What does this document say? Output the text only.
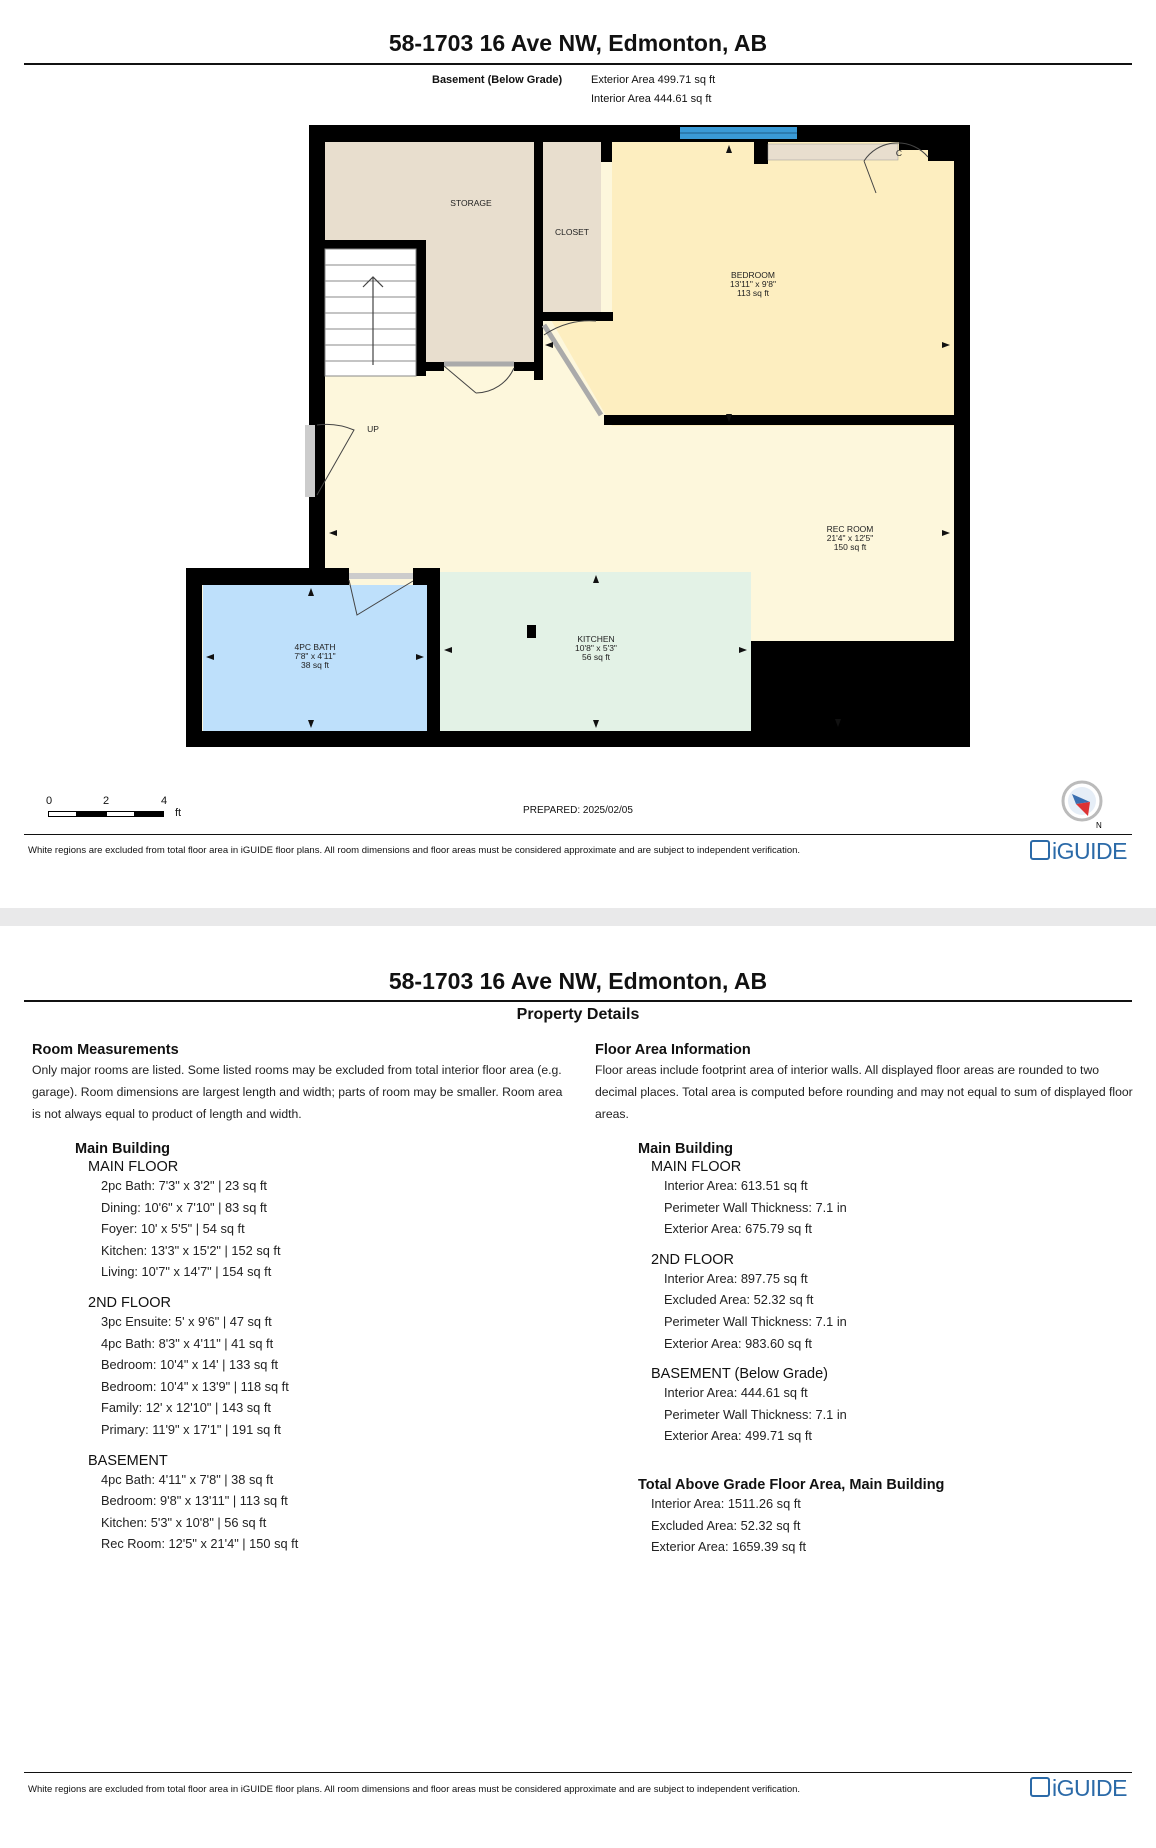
58-1703 16 Ave NW, Edmonton, AB
Basement (Below Grade)	Exterior Area 499.71 sq ft
Interior Area 444.61 sq ft
STORAGE
CLOSET
C
BEDROOM
13'11" x 9'8"
113 sq ft
UP
REC ROOM
21'4" x 12'5"
150 sq ft
4PC BATH
7'8" x 4'11"
38 sq ft
KITCHEN
10'8" x 5'3"
56 sq ft
0	2	4
ft	PREPARED: 2025/02/05
N
White regions are excluded from total floor area in iGUIDE floor plans. All room dimensions and floor areas must be considered approximate and are subject to independent verification.	iGUIDE
58-1703 16 Ave NW, Edmonton, AB
Property Details
Room Measurements
Only major rooms are listed. Some listed rooms may be excluded from total interior floor area (e.g. garage). Room dimensions are largest length and width; parts of room may be smaller. Room area is not always equal to product of length and width.
Main Building
MAIN FLOOR
2pc Bath: 7'3" x 3'2" | 23 sq ft
Dining: 10'6" x 7'10" | 83 sq ft
Foyer: 10' x 5'5" | 54 sq ft
Kitchen: 13'3" x 15'2" | 152 sq ft
Living: 10'7" x 14'7" | 154 sq ft
2ND FLOOR
3pc Ensuite: 5' x 9'6" | 47 sq ft
4pc Bath: 8'3" x 4'11" | 41 sq ft
Bedroom: 10'4" x 14' | 133 sq ft
Bedroom: 10'4" x 13'9" | 118 sq ft
Family: 12' x 12'10" | 143 sq ft
Primary: 11'9" x 17'1" | 191 sq ft
BASEMENT
4pc Bath: 4'11" x 7'8" | 38 sq ft
Bedroom: 9'8" x 13'11" | 113 sq ft
Kitchen: 5'3" x 10'8" | 56 sq ft
Rec Room: 12'5" x 21'4" | 150 sq ft
Floor Area Information
Floor areas include footprint area of interior walls. All displayed floor areas are rounded to two decimal places. Total area is computed before rounding and may not equal to sum of displayed floor areas.
Main Building
MAIN FLOOR
Interior Area: 613.51 sq ft
Perimeter Wall Thickness: 7.1 in
Exterior Area: 675.79 sq ft
2ND FLOOR
Interior Area: 897.75 sq ft
Excluded Area: 52.32 sq ft
Perimeter Wall Thickness: 7.1 in
Exterior Area: 983.60 sq ft
BASEMENT (Below Grade)
Interior Area: 444.61 sq ft
Perimeter Wall Thickness: 7.1 in
Exterior Area: 499.71 sq ft
Total Above Grade Floor Area, Main Building
Interior Area: 1511.26 sq ft
Excluded Area: 52.32 sq ft
Exterior Area: 1659.39 sq ft
White regions are excluded from total floor area in iGUIDE floor plans. All room dimensions and floor areas must be considered approximate and are subject to independent verification.	iGUIDE
